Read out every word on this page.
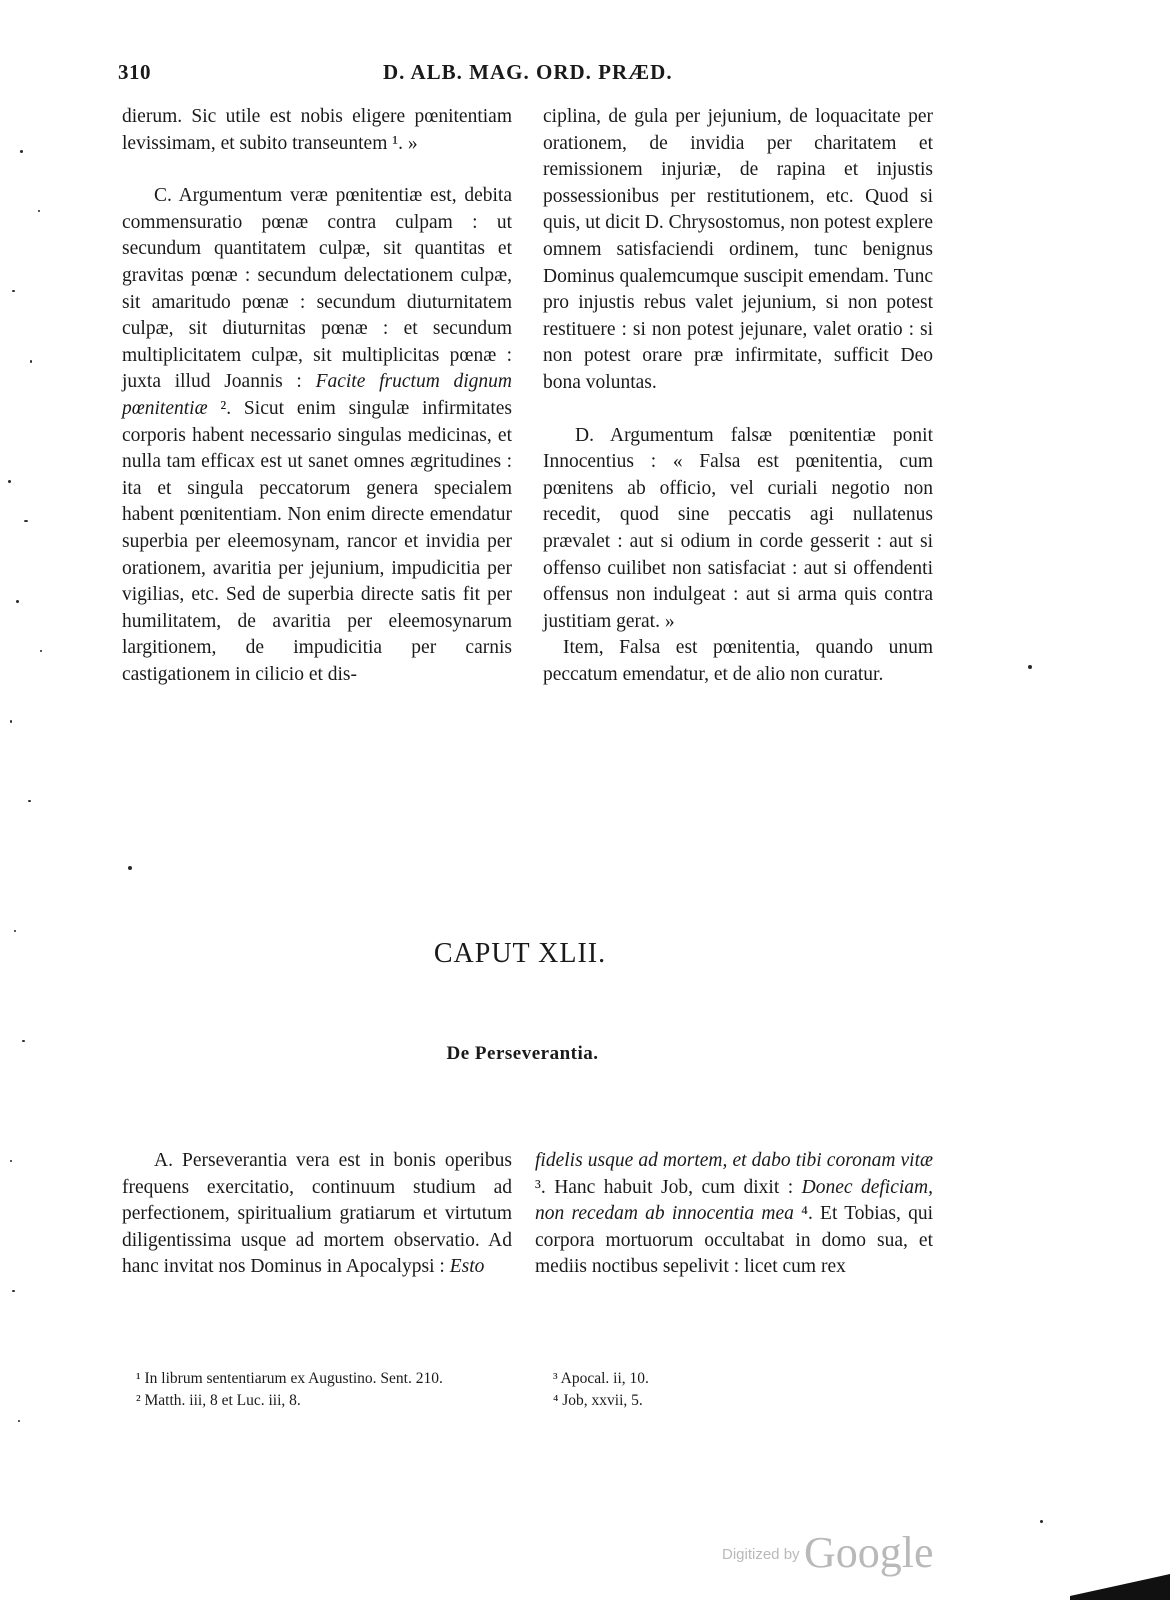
310	D. ALB. MAG. ORD. PRÆD.

dierum. Sic utile est nobis eligere pœnitentiam levissimam, et subito transeuntem ¹. »

C. Argumentum veræ pœnitentiæ est, debita commensuratio pœnæ contra culpam : ut secundum quantitatem culpæ, sit quantitas et gravitas pœnæ : secundum delectationem culpæ, sit amaritudo pœnæ : secundum diuturnitatem culpæ, sit diuturnitas pœnæ : et secundum multiplicitatem culpæ, sit multiplicitas pœnæ : juxta illud Joannis : Facite fructum dignum pœnitentiæ ². Sicut enim singulæ infirmitates corporis habent necessario singulas medicinas, et nulla tam efficax est ut sanet omnes ægritudines : ita et singula peccatorum genera specialem habent pœnitentiam. Non enim directe emendatur superbia per eleemosynam, rancor et invidia per orationem, avaritia per jejunium, impudicitia per vigilias, etc. Sed de superbia directe satis fit per humilitatem, de avaritia per eleemosynarum largitionem, de impudicitia per carnis castigationem in cilicio et dis-

ciplina, de gula per jejunium, de loquacitate per orationem, de invidia per charitatem et remissionem injuriæ, de rapina et injustis possessionibus per restitutionem, etc. Quod si quis, ut dicit D. Chrysostomus, non potest explere omnem satisfaciendi ordinem, tunc benignus Dominus qualemcumque suscipit emendam. Tunc pro injustis rebus valet jejunium, si non potest restituere : si non potest jejunare, valet oratio : si non potest orare præ infirmitate, sufficit Deo bona voluntas.

D. Argumentum falsæ pœnitentiæ ponit Innocentius : « Falsa est pœnitentia, cum pœnitens ab officio, vel curiali negotio non recedit, quod sine peccatis agi nullatenus prævalet : aut si odium in corde gesserit : aut si offenso cuilibet non satisfaciat : aut si offendenti offensus non indulgeat : aut si arma quis contra justitiam gerat. »

Item, Falsa est pœnitentia, quando unum peccatum emendatur, et de alio non curatur.

CAPUT XLII.
De Perseverantia.

A. Perseverantia vera est in bonis operibus frequens exercitatio, continuum studium ad perfectionem, spiritualium gratiarum et virtutum diligentissima usque ad mortem observatio. Ad hanc invitat nos Dominus in Apocalypsi : Esto

fidelis usque ad mortem, et dabo tibi coronam vitæ ³. Hanc habuit Job, cum dixit : Donec deficiam, non recedam ab innocentia mea ⁴. Et Tobias, qui corpora mortuorum occultabat in domo sua, et mediis noctibus sepelivit : licet cum rex

¹ In librum sententiarum ex Augustino. Sent. 210.

² Matth. iii, 8 et Luc. iii, 8.

³ Apocal. ii, 10.

⁴ Job, xxvii, 5.

Digitized by Google
